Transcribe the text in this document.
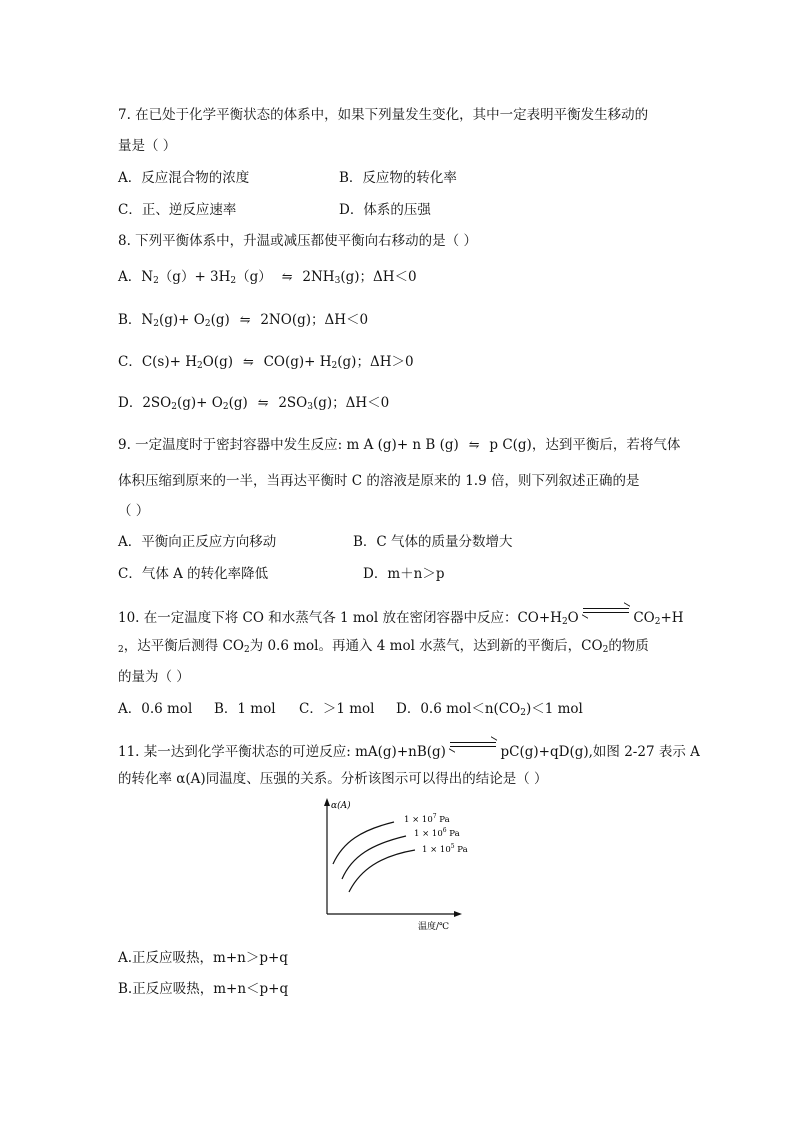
7. 在已处于化学平衡状态的体系中，如果下列量发生变化，其中一定表明平衡发生移动的
量是（ ）
A．反应混合物的浓度	B．反应物的转化率
C．正、逆反应速率	D．体系的压强
8. 下列平衡体系中，升温或减压都使平衡向右移动的是（ ）
A．$N_2(g)+ 3H_2(g)$ ⇋ $2NH_3(g)$；ΔH＜0
B．$N_2(g)+ O_2(g)$ ⇋ 2NO(g)；ΔH＜0
C．$C(s)+ H_2O(g)$ ⇋ $CO(g)+ H_2(g)$；ΔH＞0
D．$2SO_2(g)+ O_2(g)$ ⇋ $2SO_3(g)$；ΔH＜0
9. 一定温度时于密封容器中发生反应: m A (g)+ n B (g) ⇋ p C(g)，达到平衡后，若将气体
体积压缩到原来的一半，当再达平衡时 C 的溶液是原来的 1.9 倍，则下列叙述正确的是
（ ）
A．平衡向正反应方向移动	B．C 气体的质量分数增大
C．气体 A 的转化率降低	D．m＋n＞p
10. 在一定温度下将 CO 和水蒸气各 1 mol 放在密闭容器中反应：$CO+H_2O$	$CO_2+H$
$_2$，达平衡后测得 $CO_2$为 0.6 mol。再通入 4 mol 水蒸气，达到新的平衡后，$CO_2$的物质
的量为（ ）
A．0.6 mol B．1 mol C．＞1 mol D．0.6 $mol<n(CO_2)<1$ mol
11. 某一达到化学平衡状态的可逆反应: mA(g)+nB(g)	pC(g)+qD(g),如图 2-27 表示 A
的转化率 α(A)同温度、压强的关系。分析该图示可以得出的结论是（ ）
α(A)
温度/℃
$1 \times 10^7$ Pa
$1 \times 10^6$ Pa
$1 \times 10^5$ Pa
A.正反应吸热，m+n＞p+q
B.正反应吸热，m+n＜p+q
